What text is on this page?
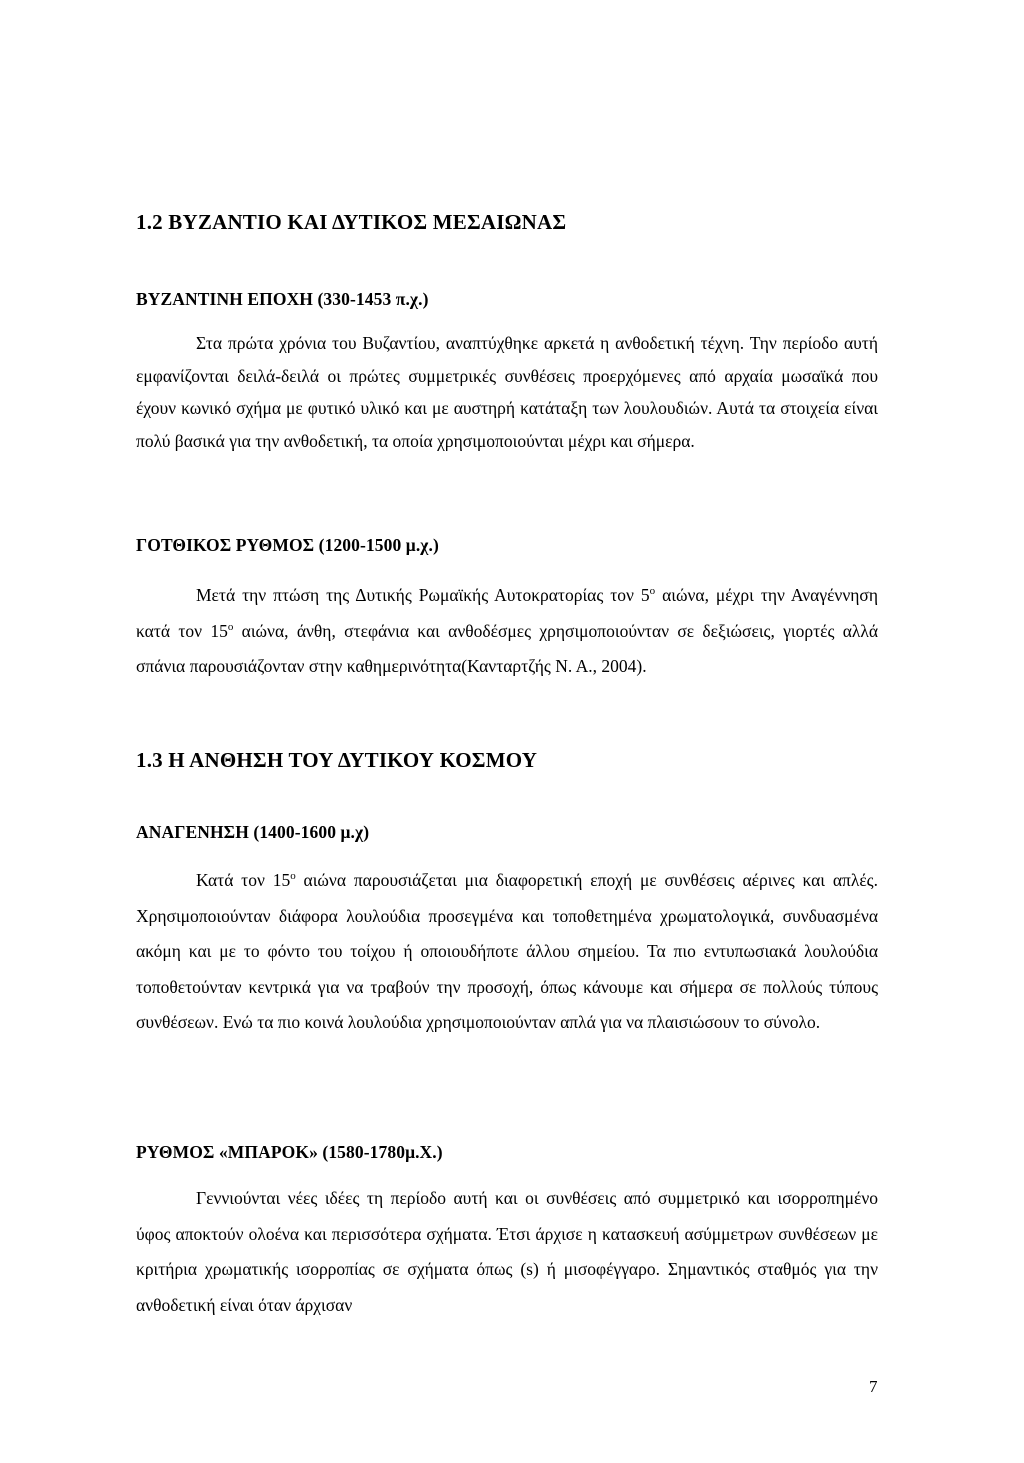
1.2 ΒΥΖΑΝΤΙΟ ΚΑΙ ΔΥΤΙΚΟΣ ΜΕΣΑΙΩΝΑΣ
ΒΥΖΑΝΤΙΝΗ ΕΠΟΧΗ (330-1453 π.χ.)

Στα πρώτα χρόνια του Βυζαντίου, αναπτύχθηκε αρκετά η ανθοδετική τέχνη. Την περίοδο αυτή εμφανίζονται δειλά-δειλά οι πρώτες συμμετρικές συνθέσεις προερχόμενες από αρχαία μωσαϊκά που έχουν κωνικό σχήμα με φυτικό υλικό και με αυστηρή κατάταξη των λουλουδιών. Αυτά τα στοιχεία είναι πολύ βασικά για την ανθοδετική, τα οποία χρησιμοποιούνται μέχρι και σήμερα.

ΓΟΤΘΙΚΟΣ ΡΥΘΜΟΣ (1200-1500 μ.χ.)

Μετά την πτώση της Δυτικής Ρωμαϊκής Αυτοκρατορίας τον $5^o$ αιώνα, μέχρι την Αναγέννηση κατά τον $15^o$ αιώνα, άνθη, στεφάνια και ανθοδέσμες χρησιμοποιούνταν σε δεξιώσεις, γιορτές αλλά σπάνια παρουσιάζονταν στην καθημερινότητα(Κανταρτζής Ν. Α., 2004).

1.3 Η ΑΝΘΗΣΗ ΤΟΥ ΔΥΤΙΚΟΥ ΚΟΣΜΟΥ
ΑΝΑΓΕΝΗΣΗ (1400-1600 μ.χ)

Κατά τον $15^o$ αιώνα παρουσιάζεται μια διαφορετική εποχή με συνθέσεις αέρινες και απλές. Χρησιμοποιούνταν διάφορα λουλούδια προσεγμένα και τοποθετημένα χρωματολογικά, συνδυασμένα ακόμη και με το φόντο του τοίχου ή οποιουδήποτε άλλου σημείου. Τα πιο εντυπωσιακά λουλούδια τοποθετούνταν κεντρικά για να τραβούν την προσοχή, όπως κάνουμε και σήμερα σε πολλούς τύπους συνθέσεων. Ενώ τα πιο κοινά λουλούδια χρησιμοποιούνταν απλά για να πλαισιώσουν το σύνολο.

ΡΥΘΜΟΣ «ΜΠΑΡΟΚ» (1580-1780μ.Χ.)

Γεννιούνται νέες ιδέες τη περίοδο αυτή και οι συνθέσεις από συμμετρικό και ισορροπημένο ύφος αποκτούν ολοένα και περισσότερα σχήματα. Έτσι άρχισε η κατασκευή ασύμμετρων συνθέσεων με κριτήρια χρωματικής ισορροπίας σε σχήματα όπως (s) ή μισοφέγγαρο. Σημαντικός σταθμός για την ανθοδετική είναι όταν άρχισαν

7
